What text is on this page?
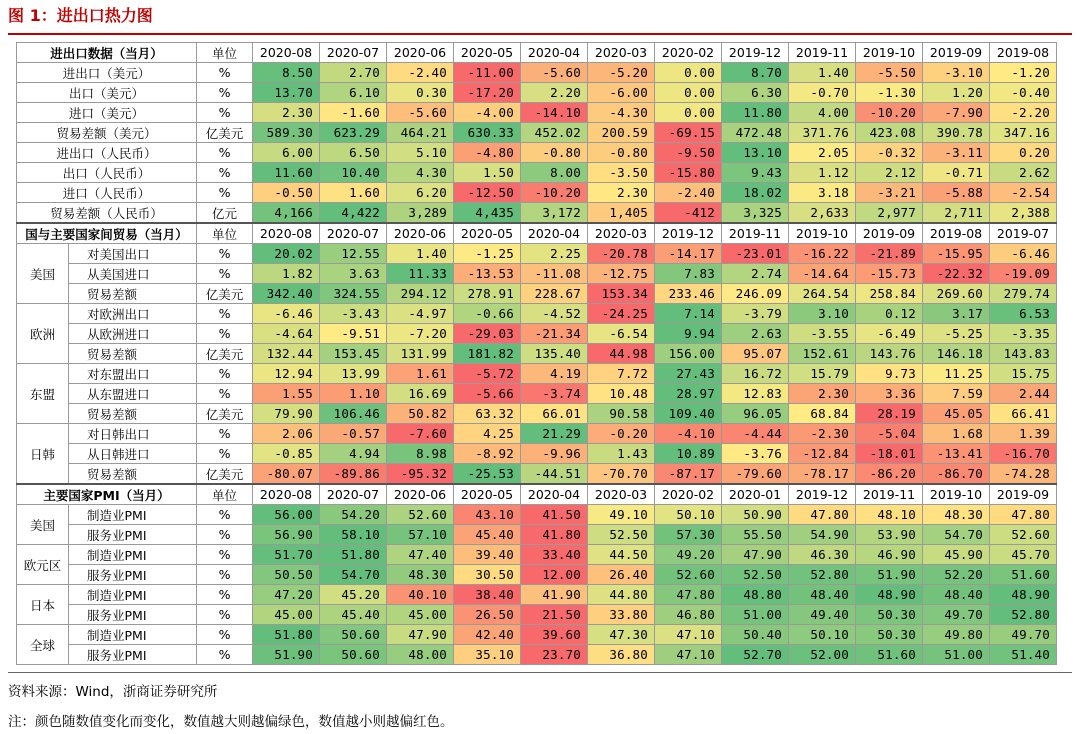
图 1：进出口热力图
进出口数据（当月）		单位	2020-08	2020-07	2020-06	2020-05	2020-04	2020-03	2020-02	2019-12	2019-11	2019-10	2019-09	2019-08
进出口（美元）		%	8.50	2.70	-2.40	-11.00	-5.60	-5.20	0.00	8.70	1.40	-5.50	-3.10	-1.20
出口（美元）		%	13.70	6.10	0.30	-17.20	2.20	-6.00	0.00	6.30	-0.70	-1.30	1.20	-0.40
进口（美元）		%	2.30	-1.60	-5.60	-4.00	-14.10	-4.30	0.00	11.80	4.00	-10.20	-7.90	-2.20
贸易差额（美元）		亿美元	589.30	623.29	464.21	630.33	452.02	200.59	-69.15	472.48	371.76	423.08	390.78	347.16
进出口（人民币）		%	6.00	6.50	5.10	-4.80	-0.80	-0.80	-9.50	13.10	2.05	-0.32	-3.11	0.20
出口（人民币）		%	11.60	10.40	4.30	1.50	8.00	-3.50	-15.80	9.43	1.12	2.12	-0.71	2.62
进口（人民币）		%	-0.50	1.60	6.20	-12.50	-10.20	2.30	-2.40	18.02	3.18	-3.21	-5.88	-2.54
贸易差额（人民币）		亿元	4,166	4,422	3,289	4,435	3,172	1,405	-412	3,325	2,633	2,977	2,711	2,388
国与主要国家间贸易（当月）		单位	2020-08	2020-07	2020-06	2020-05	2020-04	2020-03	2019-12	2019-11	2019-10	2019-09	2019-08	2019-07
美国	对美国出口	%	20.02	12.55	1.40	-1.25	2.25	-20.78	-14.17	-23.01	-16.22	-21.89	-15.95	-6.46
	从美国进口	%	1.82	3.63	11.33	-13.53	-11.08	-12.75	7.83	2.74	-14.64	-15.73	-22.32	-19.09
	贸易差额	亿美元	342.40	324.55	294.12	278.91	228.67	153.34	233.46	246.09	264.54	258.84	269.60	279.74
欧洲	对欧洲出口	%	-6.46	-3.43	-4.97	-0.66	-4.52	-24.25	7.14	-3.79	3.10	0.12	3.17	6.53
	从欧洲进口	%	-4.64	-9.51	-7.20	-29.03	-21.34	-6.54	9.94	2.63	-3.55	-6.49	-5.25	-3.35
	贸易差额	亿美元	132.44	153.45	131.99	181.82	135.40	44.98	156.00	95.07	152.61	143.76	146.18	143.83
东盟	对东盟出口	%	12.94	13.99	1.61	-5.72	4.19	7.72	27.43	16.72	15.79	9.73	11.25	15.75
	从东盟进口	%	1.55	1.10	16.69	-5.66	-3.74	10.48	28.97	12.83	2.30	3.36	7.59	2.44
	贸易差额	亿美元	79.90	106.46	50.82	63.32	66.01	90.58	109.40	96.05	68.84	28.19	45.05	66.41
日韩	对日韩出口	%	2.06	-0.57	-7.60	4.25	21.29	-0.20	-4.10	-4.44	-2.30	-5.04	1.68	1.39
	从日韩进口	%	-0.85	4.94	8.98	-8.92	-9.96	1.43	10.89	-3.76	-12.84	-18.01	-13.41	-16.70
	贸易差额	亿美元	-80.07	-89.86	-95.32	-25.53	-44.51	-70.70	-87.17	-79.60	-78.17	-86.20	-86.70	-74.28
主要国家PMI（当月）		单位	2020-08	2020-07	2020-06	2020-05	2020-04	2020-03	2020-02	2020-01	2019-12	2019-11	2019-10	2019-09
美国	制造业PMI	%	56.00	54.20	52.60	43.10	41.50	49.10	50.10	50.90	47.80	48.10	48.30	47.80
	服务业PMI	%	56.90	58.10	57.10	45.40	41.80	52.50	57.30	55.50	54.90	53.90	54.70	52.60
欧元区	制造业PMI	%	51.70	51.80	47.40	39.40	33.40	44.50	49.20	47.90	46.30	46.90	45.90	45.70
	服务业PMI	%	50.50	54.70	48.30	30.50	12.00	26.40	52.60	52.50	52.80	51.90	52.20	51.60
日本	制造业PMI	%	47.20	45.20	40.10	38.40	41.90	44.80	47.80	48.80	48.40	48.90	48.40	48.90
	服务业PMI	%	45.00	45.40	45.00	26.50	21.50	33.80	46.80	51.00	49.40	50.30	49.70	52.80
全球	制造业PMI	%	51.80	50.60	47.90	42.40	39.60	47.30	47.10	50.40	50.10	50.30	49.80	49.70
	服务业PMI	%	51.90	50.60	48.00	35.10	23.70	36.80	47.10	52.70	52.00	51.60	51.00	51.40
资料来源：Wind，浙商证券研究所
注：颜色随数值变化而变化，数值越大则越偏绿色，数值越小则越偏红色。
